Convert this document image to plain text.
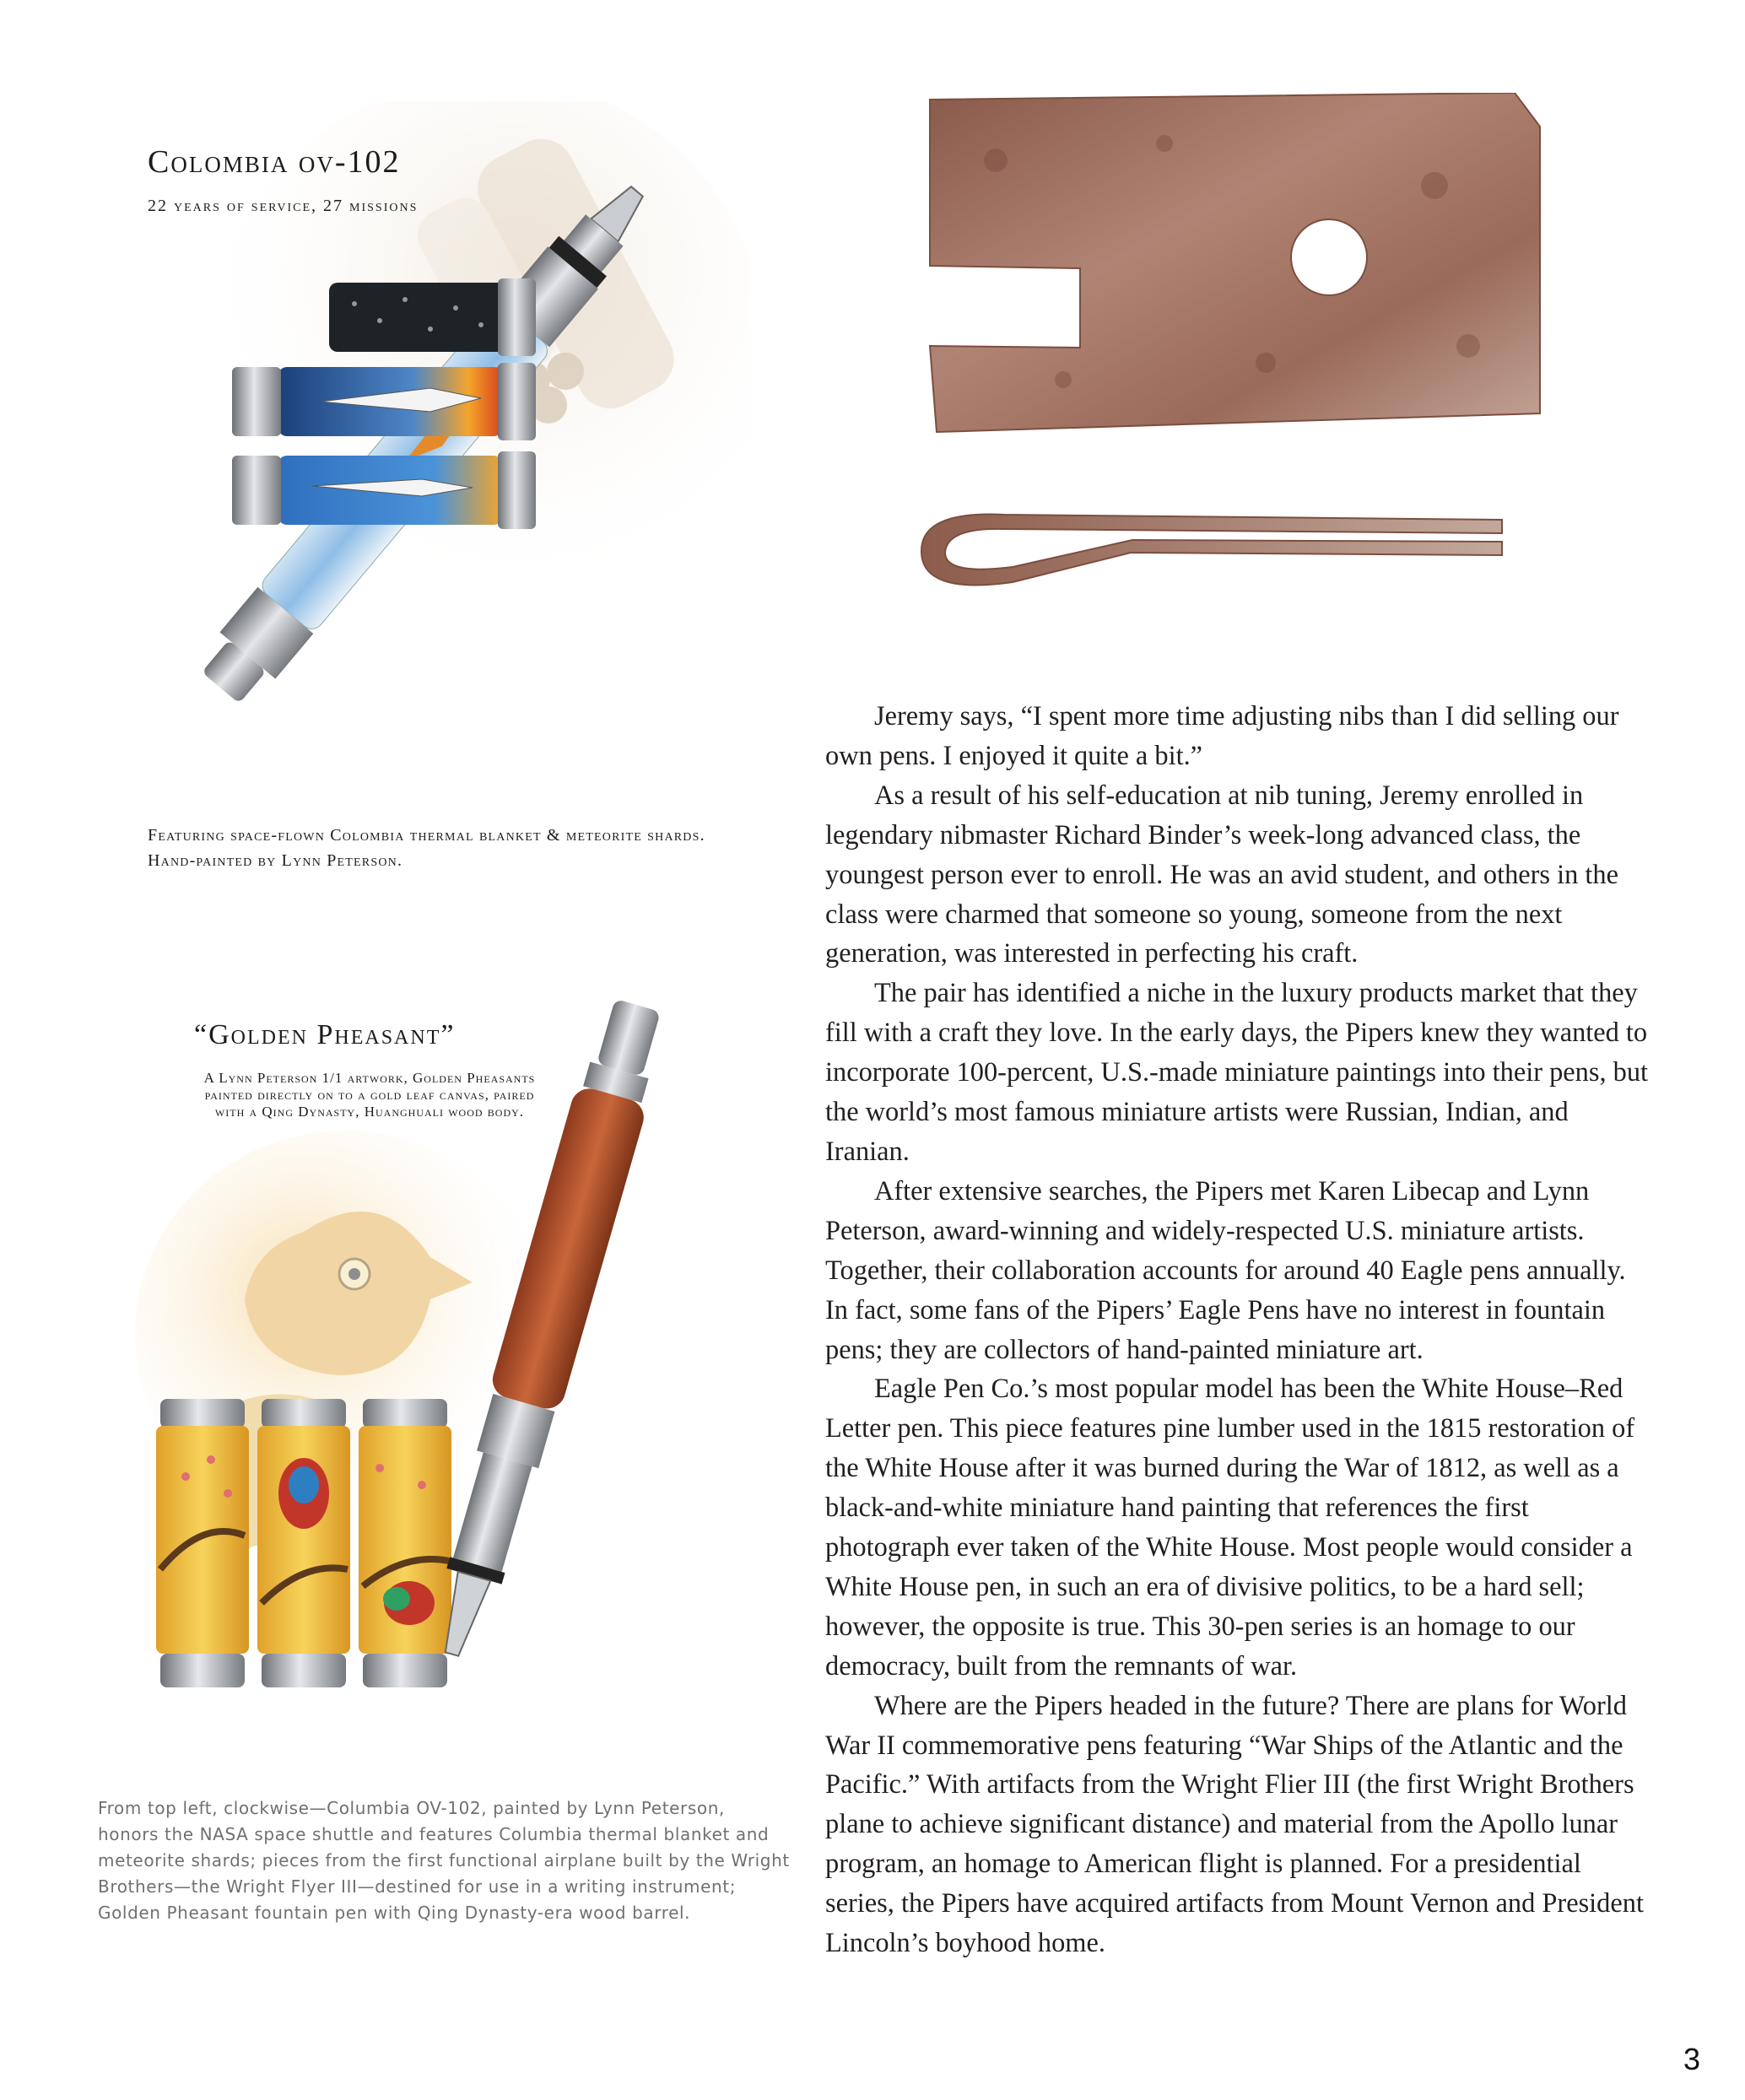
Colombia ov-102
22 years of service, 27 missions
Featuring space-flown Colombia thermal blanket & meteorite shards. Hand-painted by Lynn Peterson.
“Golden Pheasant”
A Lynn Peterson 1/1 artwork, Golden Pheasants painted directly on to a gold leaf canvas, paired with a Qing Dynasty, Huanghuali wood body.
From top left, clockwise—Columbia OV-102, painted by Lynn Peterson, honors the NASA space shuttle and features Columbia thermal blanket and meteorite shards; pieces from the first functional airplane built by the Wright Brothers—the Wright Flyer III—destined for use in a writing instrument; Golden Pheasant fountain pen with Qing Dynasty-era wood barrel.

Jeremy says, “I spent more time adjusting nibs than I did selling our own pens. I enjoyed it quite a bit.”

As a result of his self-education at nib tuning, Jeremy enrolled in legendary nibmaster Richard Binder’s week-long advanced class, the youngest person ever to enroll. He was an avid student, and others in the class were charmed that someone so young, someone from the next generation, was interested in perfecting his craft.

The pair has identified a niche in the luxury products market that they fill with a craft they love. In the early days, the Pipers knew they wanted to incorporate 100-percent, U.S.-made miniature paintings into their pens, but the world’s most famous miniature artists were Russian, Indian, and Iranian.

After extensive searches, the Pipers met Karen Libecap and Lynn Peterson, award-winning and widely-respected U.S. miniature artists. Together, their collaboration accounts for around 40 Eagle pens annually. In fact, some fans of the Pipers’ Eagle Pens have no interest in fountain pens; they are collectors of hand-painted miniature art.

Eagle Pen Co.’s most popular model has been the White House–Red Letter pen. This piece features pine lumber used in the 1815 restoration of the White House after it was burned during the War of 1812, as well as a black-and-white miniature hand painting that references the first photograph ever taken of the White House. Most people would consider a White House pen, in such an era of divisive politics, to be a hard sell; however, the opposite is true. This 30-pen series is an homage to our democracy, built from the remnants of war.

Where are the Pipers headed in the future? There are plans for World War II commemorative pens featuring “War Ships of the Atlantic and the Pacific.” With artifacts from the Wright Flier III (the first Wright Brothers plane to achieve significant distance) and material from the Apollo lunar program, an homage to American flight is planned. For a presidential series, the Pipers have acquired artifacts from Mount Vernon and President Lincoln’s boyhood home.

3
